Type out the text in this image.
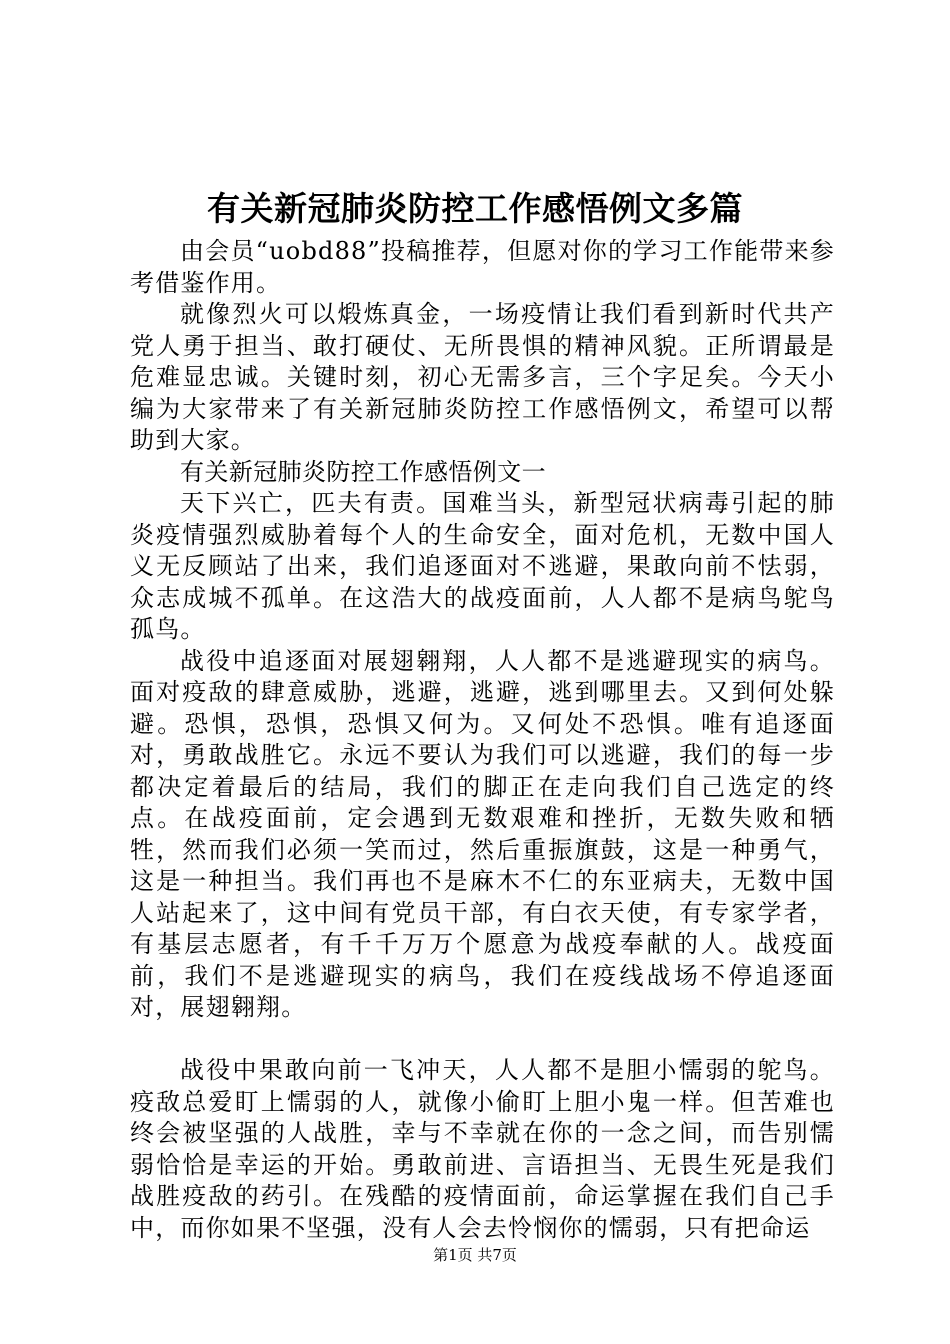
有关新冠肺炎防控工作感悟例文多篇

由会员“uobd88”投稿推荐，但愿对你的学习工作能带来参考借鉴作用。

就像烈火可以煅炼真金，一场疫情让我们看到新时代共产党人勇于担当、敢打硬仗、无所畏惧的精神风貌。正所谓最是危难显忠诚。关键时刻，初心无需多言，三个字足矣。今天小编为大家带来了有关新冠肺炎防控工作感悟例文，希望可以帮助到大家。

有关新冠肺炎防控工作感悟例文一

天下兴亡，匹夫有责。国难当头，新型冠状病毒引起的肺炎疫情强烈威胁着每个人的生命安全，面对危机，无数中国人义无反顾站了出来，我们追逐面对不逃避，果敢向前不怯弱，众志成城不孤单。在这浩大的战疫面前，人人都不是病鸟鸵鸟孤鸟。

战役中追逐面对展翅翱翔，人人都不是逃避现实的病鸟。面对疫敌的肆意威胁，逃避，逃避，逃到哪里去。又到何处躲避。恐惧，恐惧，恐惧又何为。又何处不恐惧。唯有追逐面对，勇敢战胜它。永远不要认为我们可以逃避，我们的每一步都决定着最后的结局，我们的脚正在走向我们自己选定的终点。在战疫面前，定会遇到无数艰难和挫折，无数失败和牺牲，然而我们必须一笑而过，然后重振旗鼓，这是一种勇气，这是一种担当。我们再也不是麻木不仁的东亚病夫，无数中国人站起来了，这中间有党员干部，有白衣天使，有专家学者，有基层志愿者，有千千万万个愿意为战疫奉献的人。战疫面前，我们不是逃避现实的病鸟，我们在疫线战场不停追逐面对，展翅翱翔。

战役中果敢向前一飞冲天，人人都不是胆小懦弱的鸵鸟。疫敌总爱盯上懦弱的人，就像小偷盯上胆小鬼一样。但苦难也终会被坚强的人战胜，幸与不幸就在你的一念之间，而告别懦弱恰恰是幸运的开始。勇敢前进、言语担当、无畏生死是我们战胜疫敌的药引。在残酷的疫情面前，命运掌握在我们自己手中，而你如果不坚强，没有人会去怜悯你的懦弱，只有把命运

第1页 共7页
